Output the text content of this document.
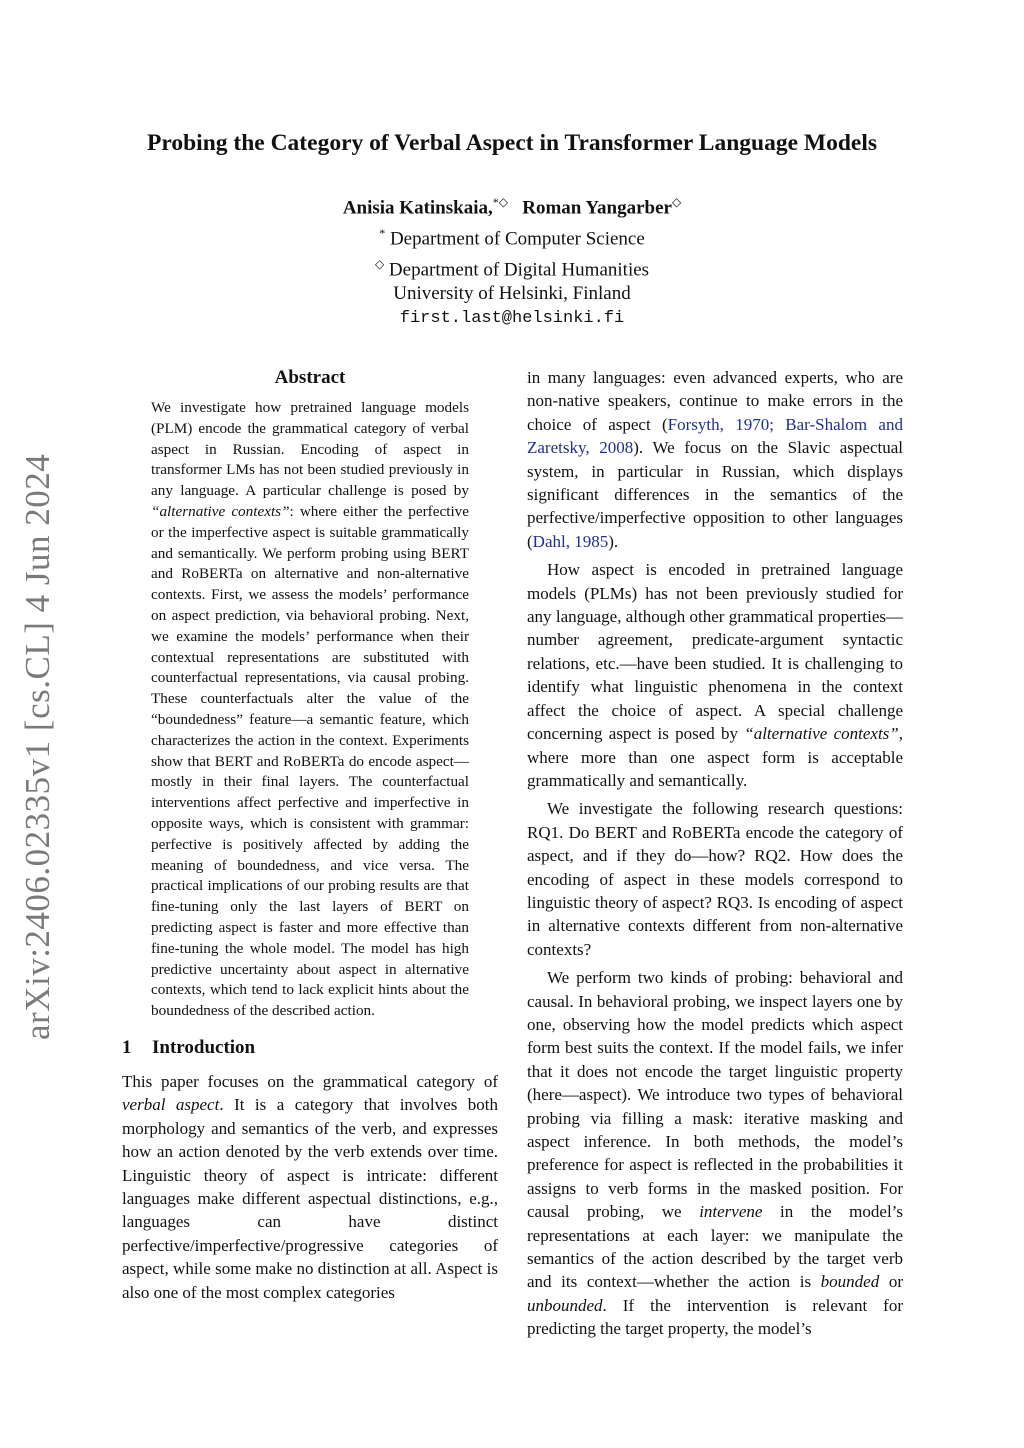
arXiv:2406.02335v1 [cs.CL] 4 Jun 2024
Probing the Category of Verbal Aspect in Transformer Language Models
Anisia Katinskaia,*◇ Roman Yangarber◇
* Department of Computer Science
◇ Department of Digital Humanities
University of Helsinki, Finland
first.last@helsinki.fi
Abstract

We investigate how pretrained language models (PLM) encode the grammatical category of verbal aspect in Russian. Encoding of aspect in transformer LMs has not been studied previously in any language. A particular challenge is posed by “alternative contexts”: where either the perfective or the imperfective aspect is suitable grammatically and semantically. We perform probing using BERT and RoBERTa on alternative and non-alternative contexts. First, we assess the models’ performance on aspect prediction, via behavioral probing. Next, we examine the models’ performance when their contextual representations are substituted with counterfactual representations, via causal probing. These counterfactuals alter the value of the “boundedness” feature—a semantic feature, which characterizes the action in the context. Experiments show that BERT and RoBERTa do encode aspect—mostly in their final layers. The counterfactual interventions affect perfective and imperfective in opposite ways, which is consistent with grammar: perfective is positively affected by adding the meaning of boundedness, and vice versa. The practical implications of our probing results are that fine-tuning only the last layers of BERT on predicting aspect is faster and more effective than fine-tuning the whole model. The model has high predictive uncertainty about aspect in alternative contexts, which tend to lack explicit hints about the boundedness of the described action.

1 Introduction

This paper focuses on the grammatical category of verbal aspect. It is a category that involves both morphology and semantics of the verb, and expresses how an action denoted by the verb extends over time. Linguistic theory of aspect is intricate: different languages make different aspectual distinctions, e.g., languages can have distinct perfective/imperfective/progressive categories of aspect, while some make no distinction at all. Aspect is also one of the most complex categories

in many languages: even advanced experts, who are non-native speakers, continue to make errors in the choice of aspect (Forsyth, 1970; Bar-Shalom and Zaretsky, 2008). We focus on the Slavic aspectual system, in particular in Russian, which displays significant differences in the semantics of the perfective/imperfective opposition to other languages (Dahl, 1985).

How aspect is encoded in pretrained language models (PLMs) has not been previously studied for any language, although other grammatical properties—number agreement, predicate-argument syntactic relations, etc.—have been studied. It is challenging to identify what linguistic phenomena in the context affect the choice of aspect. A special challenge concerning aspect is posed by “alternative contexts”, where more than one aspect form is acceptable grammatically and semantically.

We investigate the following research questions: RQ1. Do BERT and RoBERTa encode the category of aspect, and if they do—how? RQ2. How does the encoding of aspect in these models correspond to linguistic theory of aspect? RQ3. Is encoding of aspect in alternative contexts different from non-alternative contexts?

We perform two kinds of probing: behavioral and causal. In behavioral probing, we inspect layers one by one, observing how the model predicts which aspect form best suits the context. If the model fails, we infer that it does not encode the target linguistic property (here—aspect). We introduce two types of behavioral probing via filling a mask: iterative masking and aspect inference. In both methods, the model’s preference for aspect is reflected in the probabilities it assigns to verb forms in the masked position. For causal probing, we intervene in the model’s representations at each layer: we manipulate the semantics of the action described by the target verb and its context—whether the action is bounded or unbounded. If the intervention is relevant for predicting the target property, the model’s
